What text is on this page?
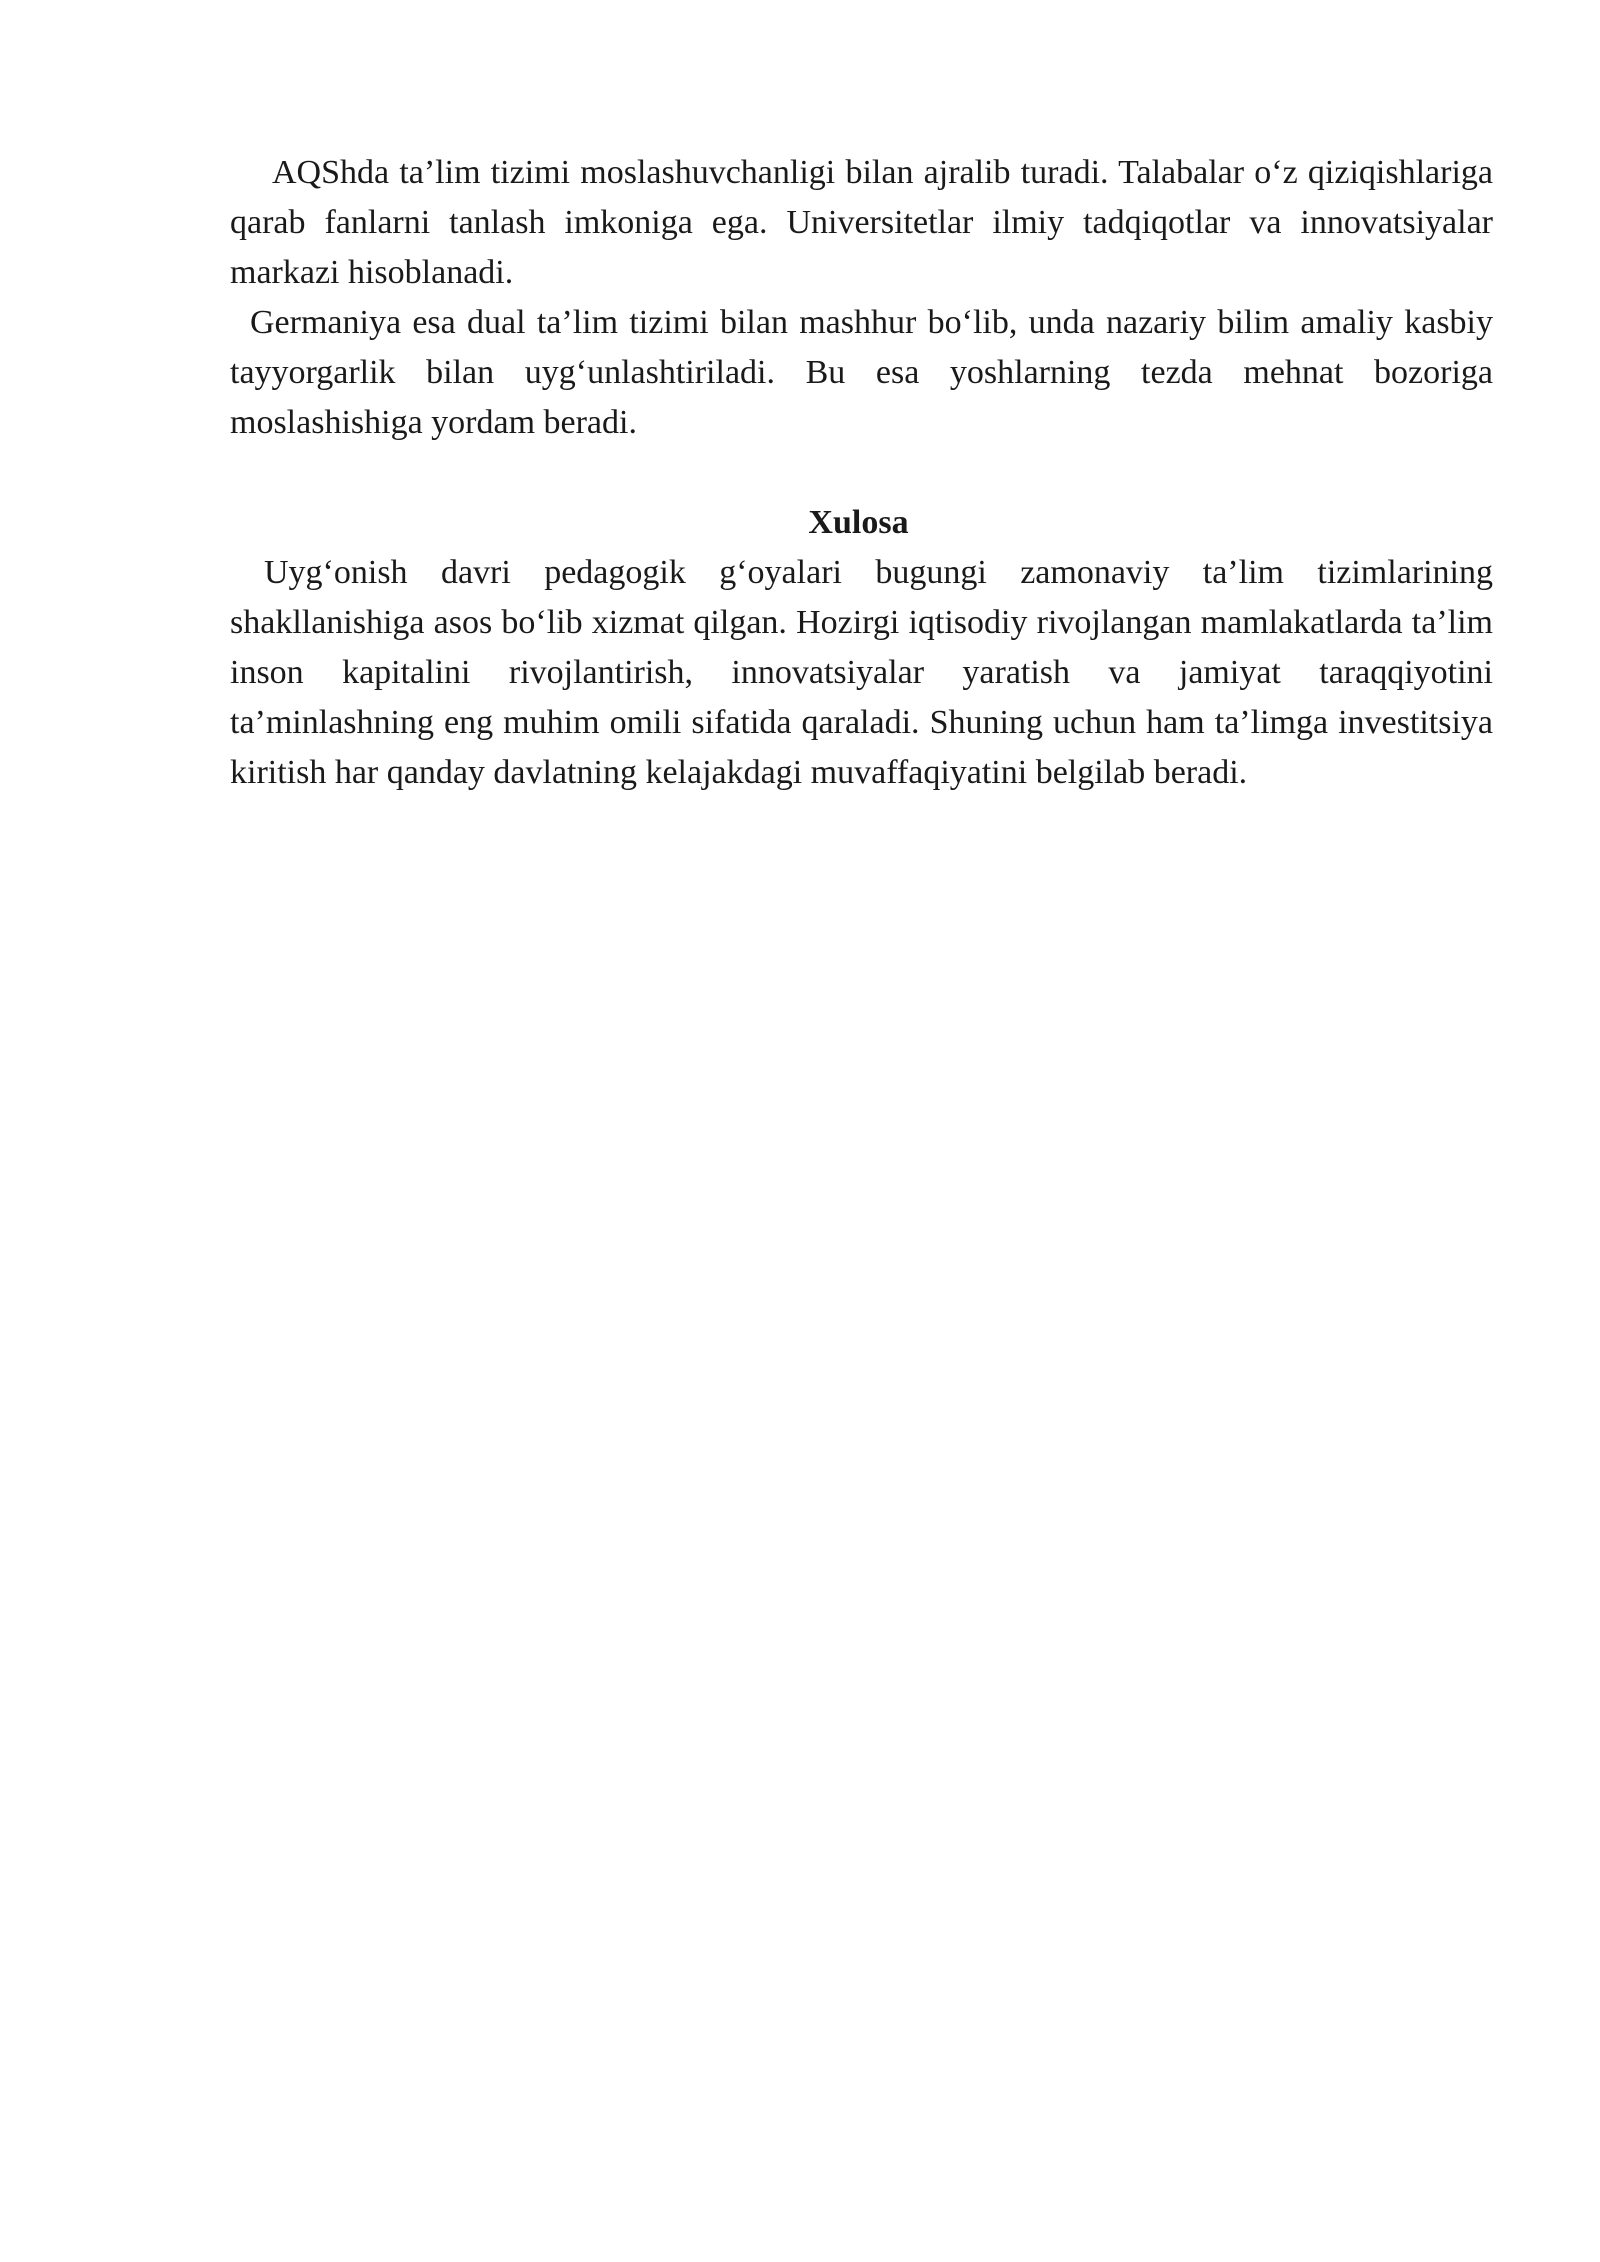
AQShda ta’lim tizimi moslashuvchanligi bilan ajralib turadi. Talabalar o‘z qiziqishlariga qarab fanlarni tanlash imkoniga ega. Universitetlar ilmiy tadqiqotlar va innovatsiyalar markazi hisoblanadi.

Germaniya esa dual ta’lim tizimi bilan mashhur bo‘lib, unda nazariy bilim amaliy kasbiy tayyorgarlik bilan uyg‘unlashtiriladi. Bu esa yoshlarning tezda mehnat bozoriga moslashishiga yordam beradi.

Xulosa

Uyg‘onish davri pedagogik g‘oyalari bugungi zamonaviy ta’lim tizimlarining shakllanishiga asos bo‘lib xizmat qilgan. Hozirgi iqtisodiy rivojlangan mamlakatlarda ta’lim inson kapitalini rivojlantirish, innovatsiyalar yaratish va jamiyat taraqqiyotini ta’minlashning eng muhim omili sifatida qaraladi. Shuning uchun ham ta’limga investitsiya kiritish har qanday davlatning kelajakdagi muvaffaqiyatini belgilab beradi.
